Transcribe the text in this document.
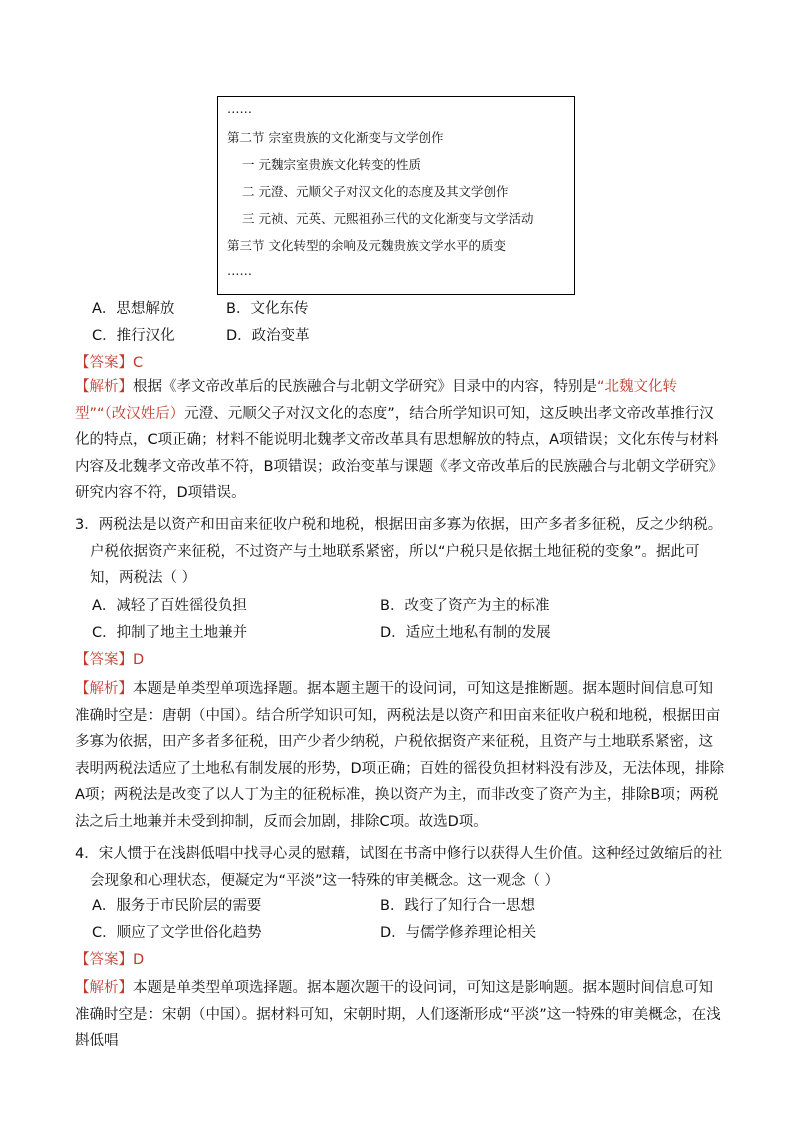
……
第二节 宗室贵族的文化渐变与文学创作
一 元魏宗室贵族文化转变的性质
二 元澄、元顺父子对汉文化的态度及其文学创作
三 元祯、元英、元熙祖孙三代的文化渐变与文学活动
第三节 文化转型的余响及元魏贵族文学水平的质变
……
A．思想解放	B．文化东传
C．推行汉化	D．政治变革
【答案】C
【解析】根据《孝文帝改革后的民族融合与北朝文学研究》目录中的内容，特别是“北魏文化转型”“（改汉姓后）元澄、元顺父子对汉文化的态度”，结合所学知识可知，这反映出孝文帝改革推行汉化的特点，C项正确；材料不能说明北魏孝文帝改革具有思想解放的特点，A项错误；文化东传与材料内容及北魏孝文帝改革不符，B项错误；政治变革与课题《孝文帝改革后的民族融合与北朝文学研究》研究内容不符，D项错误。
3．两税法是以资产和田亩来征收户税和地税，根据田亩多寡为依据，田产多者多征税，反之少纳税。户税依据资产来征税，不过资产与土地联系紧密，所以“户税只是依据土地征税的变象”。据此可知，两税法（ ）
A．减轻了百姓徭役负担	B．改变了资产为主的标准
C．抑制了地主土地兼并	D．适应土地私有制的发展
【答案】D
【解析】本题是单类型单项选择题。据本题主题干的设问词，可知这是推断题。据本题时间信息可知准确时空是：唐朝（中国）。结合所学知识可知，两税法是以资产和田亩来征收户税和地税，根据田亩多寡为依据，田产多者多征税，田产少者少纳税，户税依据资产来征税，且资产与土地联系紧密，这表明两税法适应了土地私有制发展的形势，D项正确；百姓的徭役负担材料没有涉及，无法体现，排除A项；两税法是改变了以人丁为主的征税标准，换以资产为主，而非改变了资产为主，排除B项；两税法之后土地兼并未受到抑制，反而会加剧，排除C项。故选D项。
4．宋人惯于在浅斟低唱中找寻心灵的慰藉，试图在书斋中修行以获得人生价值。这种经过敛缩后的社会现象和心理状态，便凝定为“平淡”这一特殊的审美概念。这一观念（ ）
A．服务于市民阶层的需要	B．践行了知行合一思想
C．顺应了文学世俗化趋势	D．与儒学修养理论相关
【答案】D
【解析】本题是单类型单项选择题。据本题次题干的设问词，可知这是影响题。据本题时间信息可知准确时空是：宋朝（中国）。据材料可知，宋朝时期，人们逐渐形成“平淡”这一特殊的审美概念，在浅斟低唱
